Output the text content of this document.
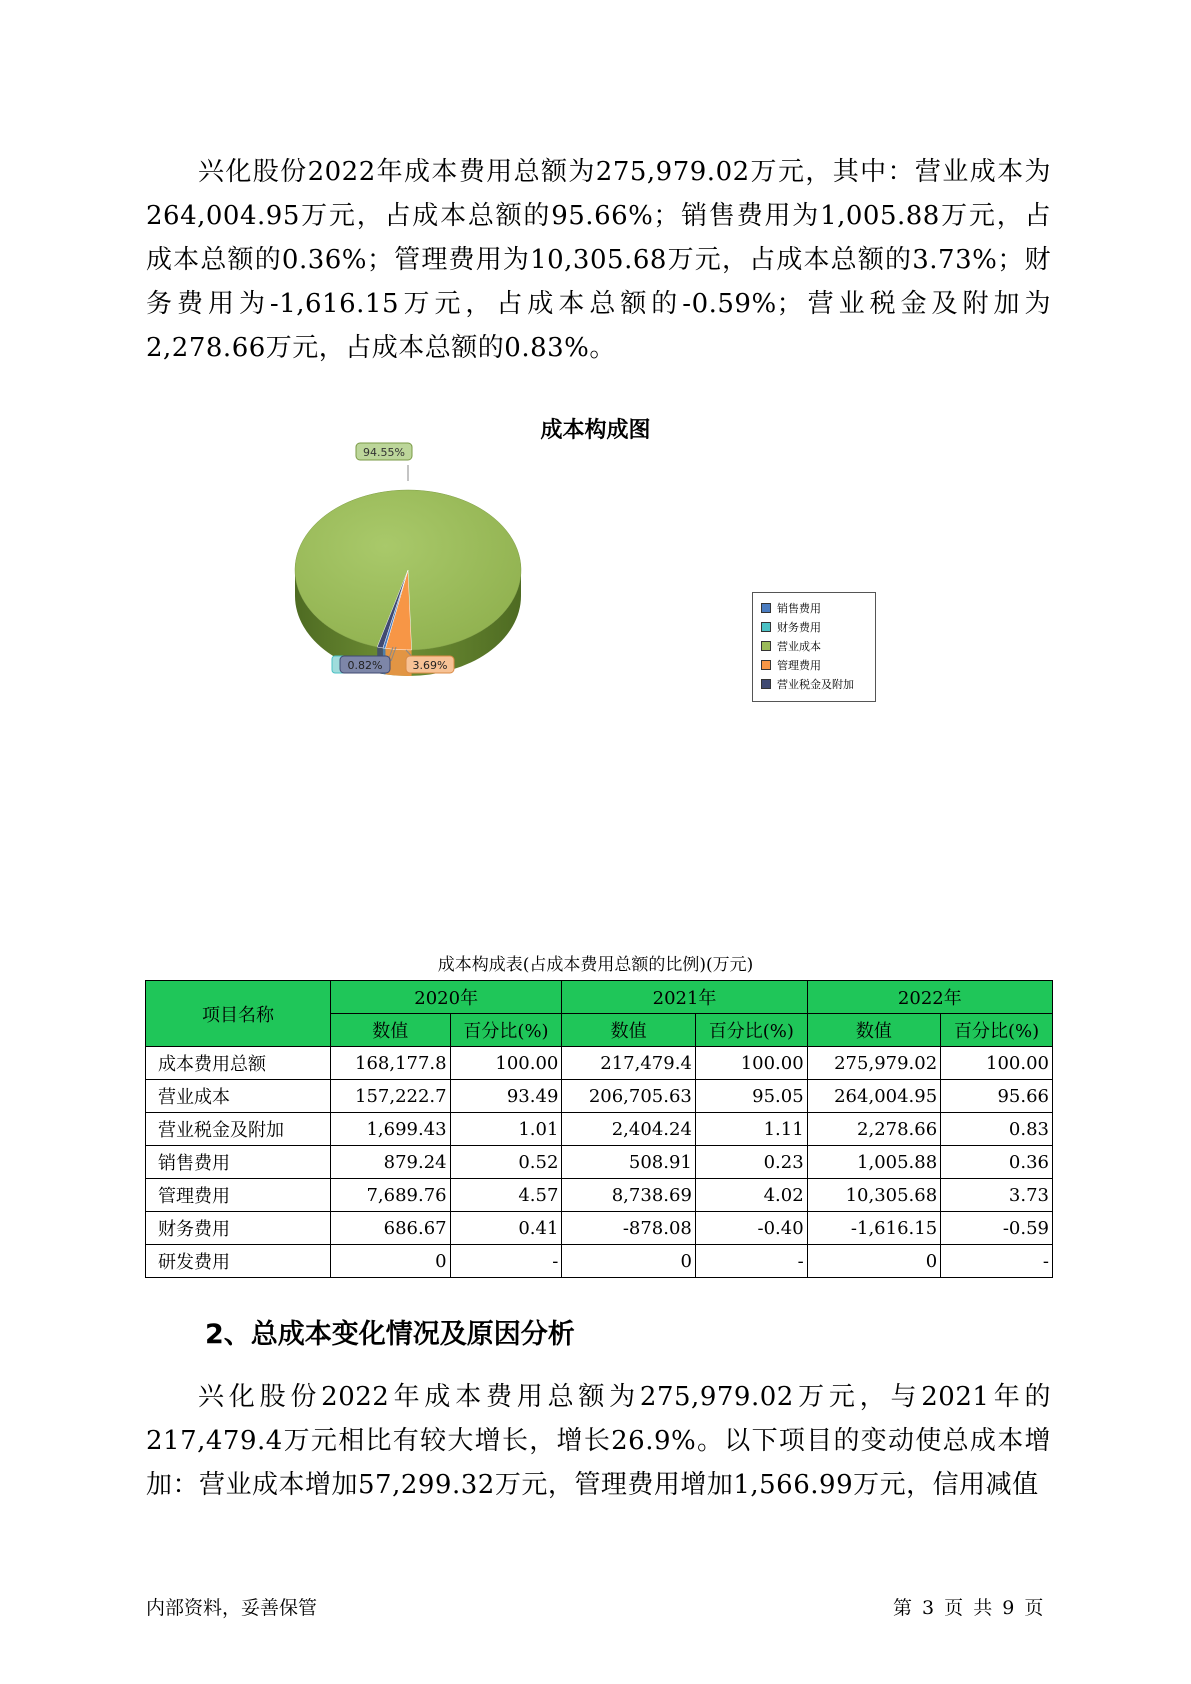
兴化股份2022年成本费用总额为275,979.02万元，其中：营业成本为264,004.95万元，占成本总额的95.66%；销售费用为1,005.88万元，占成本总额的0.36%；管理费用为10,305.68万元，占成本总额的3.73%；财务费用为-1,616.15万元，占成本总额的-0.59%；营业税金及附加为2,278.66万元，占成本总额的0.83%。
成本构成图
94.55%
0.82%	3.69%
销售费用
财务费用
营业成本
管理费用
营业税金及附加
成本构成表(占成本费用总额的比例)(万元)
项目名称	2020年		2021年		2022年	
	数值	百分比(%)	数值	百分比(%)	数值	百分比(%)
成本费用总额	168,177.8	100.00	217,479.4	100.00	275,979.02	100.00
营业成本	157,222.7	93.49	206,705.63	95.05	264,004.95	95.66
营业税金及附加	1,699.43	1.01	2,404.24	1.11	2,278.66	0.83
销售费用	879.24	0.52	508.91	0.23	1,005.88	0.36
管理费用	7,689.76	4.57	8,738.69	4.02	10,305.68	3.73
财务费用	686.67	0.41	-878.08	-0.40	-1,616.15	-0.59
研发费用	0	-	0	-	0	-
2、总成本变化情况及原因分析
兴化股份2022年成本费用总额为275,979.02万元，与2021年的217,479.4万元相比有较大增长，增长26.9%。以下项目的变动使总成本增加：营业成本增加57,299.32万元，管理费用增加1,566.99万元，信用减值
内部资料，妥善保管	第 3 页 共 9 页
